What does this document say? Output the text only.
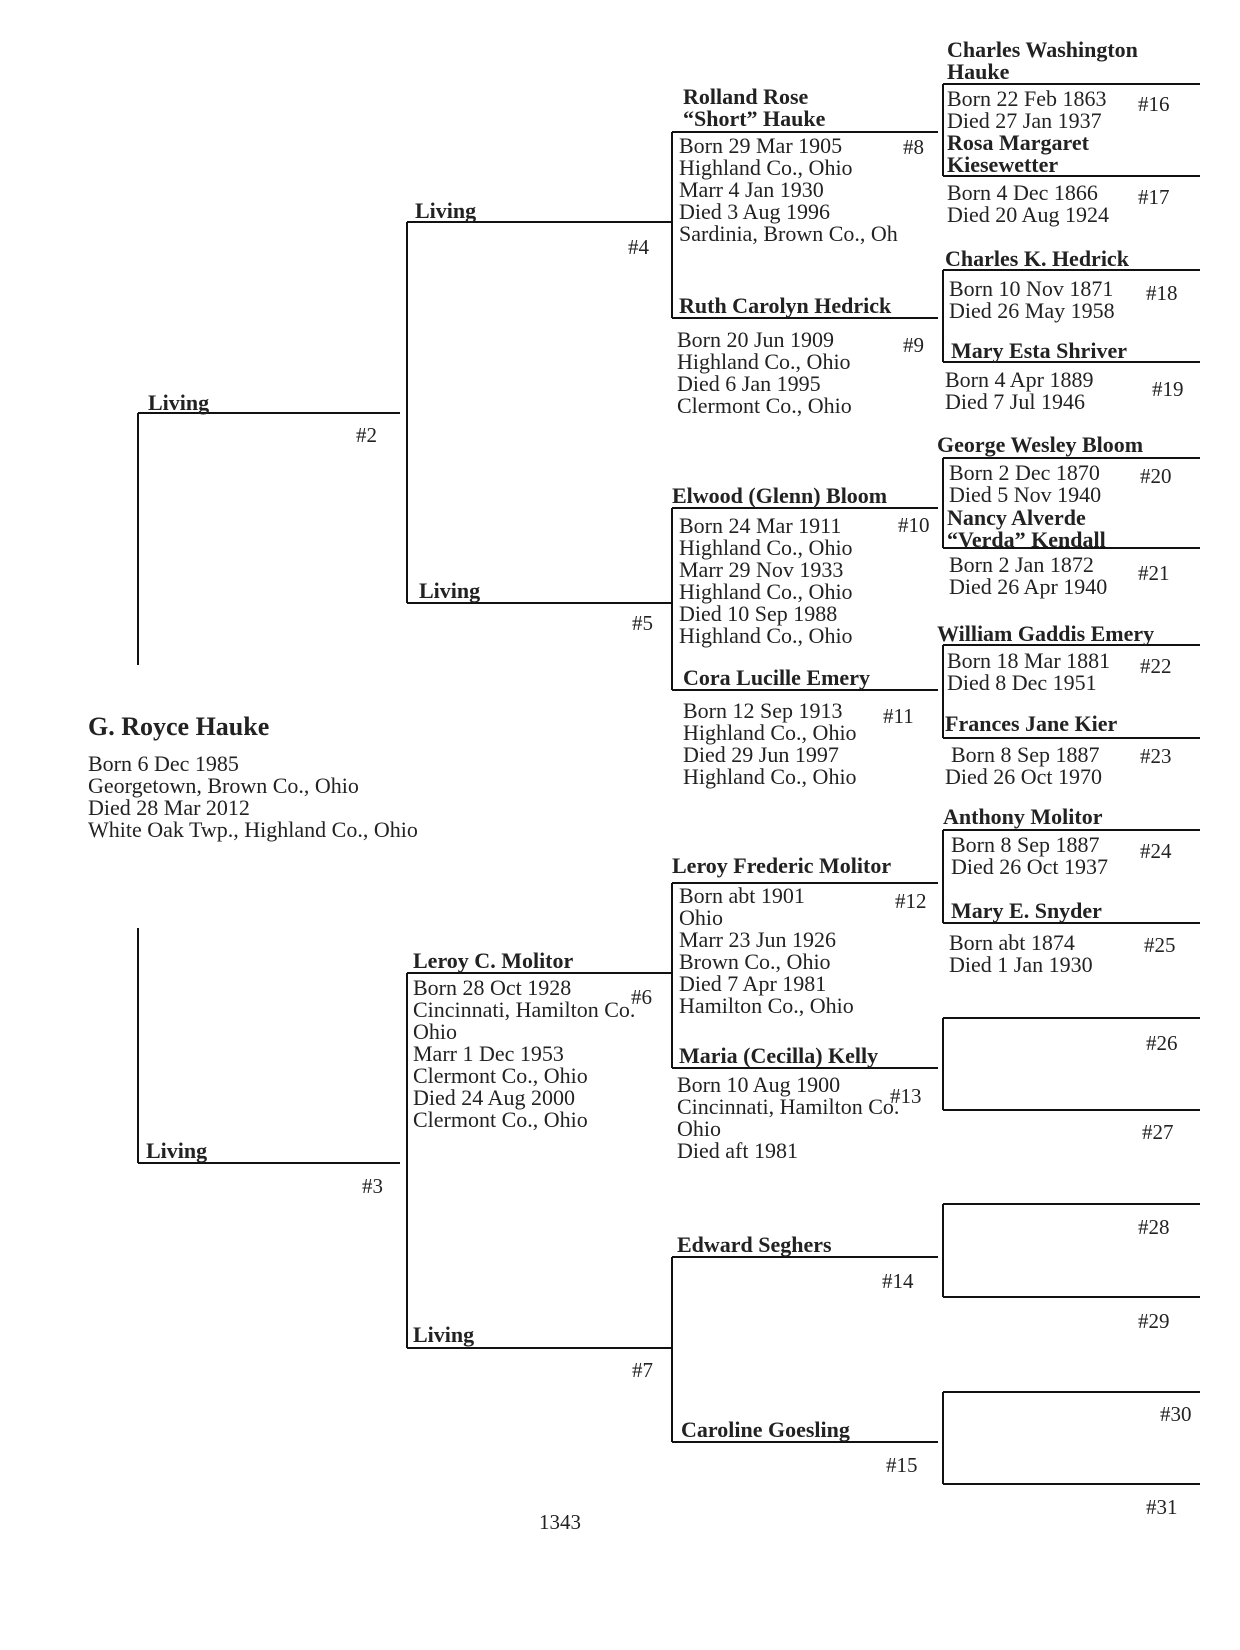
G. Royce Hauke
Born 6 Dec 1985
Georgetown, Brown Co., Ohio
Died 28 Mar 2012
White Oak Twp., Highland Co., Ohio
Living
#2
Living
#3
Living
#4
Living
#5
Leroy C. Molitor
#6
Born 28 Oct 1928
Cincinnati, Hamilton Co.
Ohio
Marr 1 Dec 1953
Clermont Co., Ohio
Died 24 Aug 2000
Clermont Co., Ohio
Living
#7
Rolland Rose
“Short” Hauke
#8
Born 29 Mar 1905
Highland Co., Ohio
Marr 4 Jan 1930
Died 3 Aug 1996
Sardinia, Brown Co., Oh
Ruth Carolyn Hedrick
#9
Born 20 Jun 1909
Highland Co., Ohio
Died 6 Jan 1995
Clermont Co., Ohio
Elwood (Glenn) Bloom
#10
Born 24 Mar 1911
Highland Co., Ohio
Marr 29 Nov 1933
Highland Co., Ohio
Died 10 Sep 1988
Highland Co., Ohio
Cora Lucille Emery
#11
Born 12 Sep 1913
Highland Co., Ohio
Died 29 Jun 1997
Highland Co., Ohio
Leroy Frederic Molitor
#12
Born abt 1901
Ohio
Marr 23 Jun 1926
Brown Co., Ohio
Died 7 Apr 1981
Hamilton Co., Ohio
Maria (Cecilla) Kelly
#13
Born 10 Aug 1900
Cincinnati, Hamilton Co.
Ohio
Died aft 1981
Edward Seghers
#14
Caroline Goesling
#15
Charles Washington
Hauke
#16
Born 22 Feb 1863
Died 27 Jan 1937
Rosa Margaret
Kiesewetter
#17
Born 4 Dec 1866
Died 20 Aug 1924
Charles K. Hedrick
#18
Born 10 Nov 1871
Died 26 May 1958
Mary Esta Shriver
#19
Born 4 Apr 1889
Died 7 Jul 1946
George Wesley Bloom
#20
Born 2 Dec 1870
Died 5 Nov 1940
Nancy Alverde
“Verda” Kendall
#21
Born 2 Jan 1872
Died 26 Apr 1940
William Gaddis Emery
#22
Born 18 Mar 1881
Died 8 Dec 1951
Frances Jane Kier
#23
Born 8 Sep 1887
Died 26 Oct 1970
Anthony Molitor
#24
Born 8 Sep 1887
Died 26 Oct 1937
Mary E. Snyder
#25
Born abt 1874
Died 1 Jan 1930
#26
#27
#28
#29
#30
#31
1343
